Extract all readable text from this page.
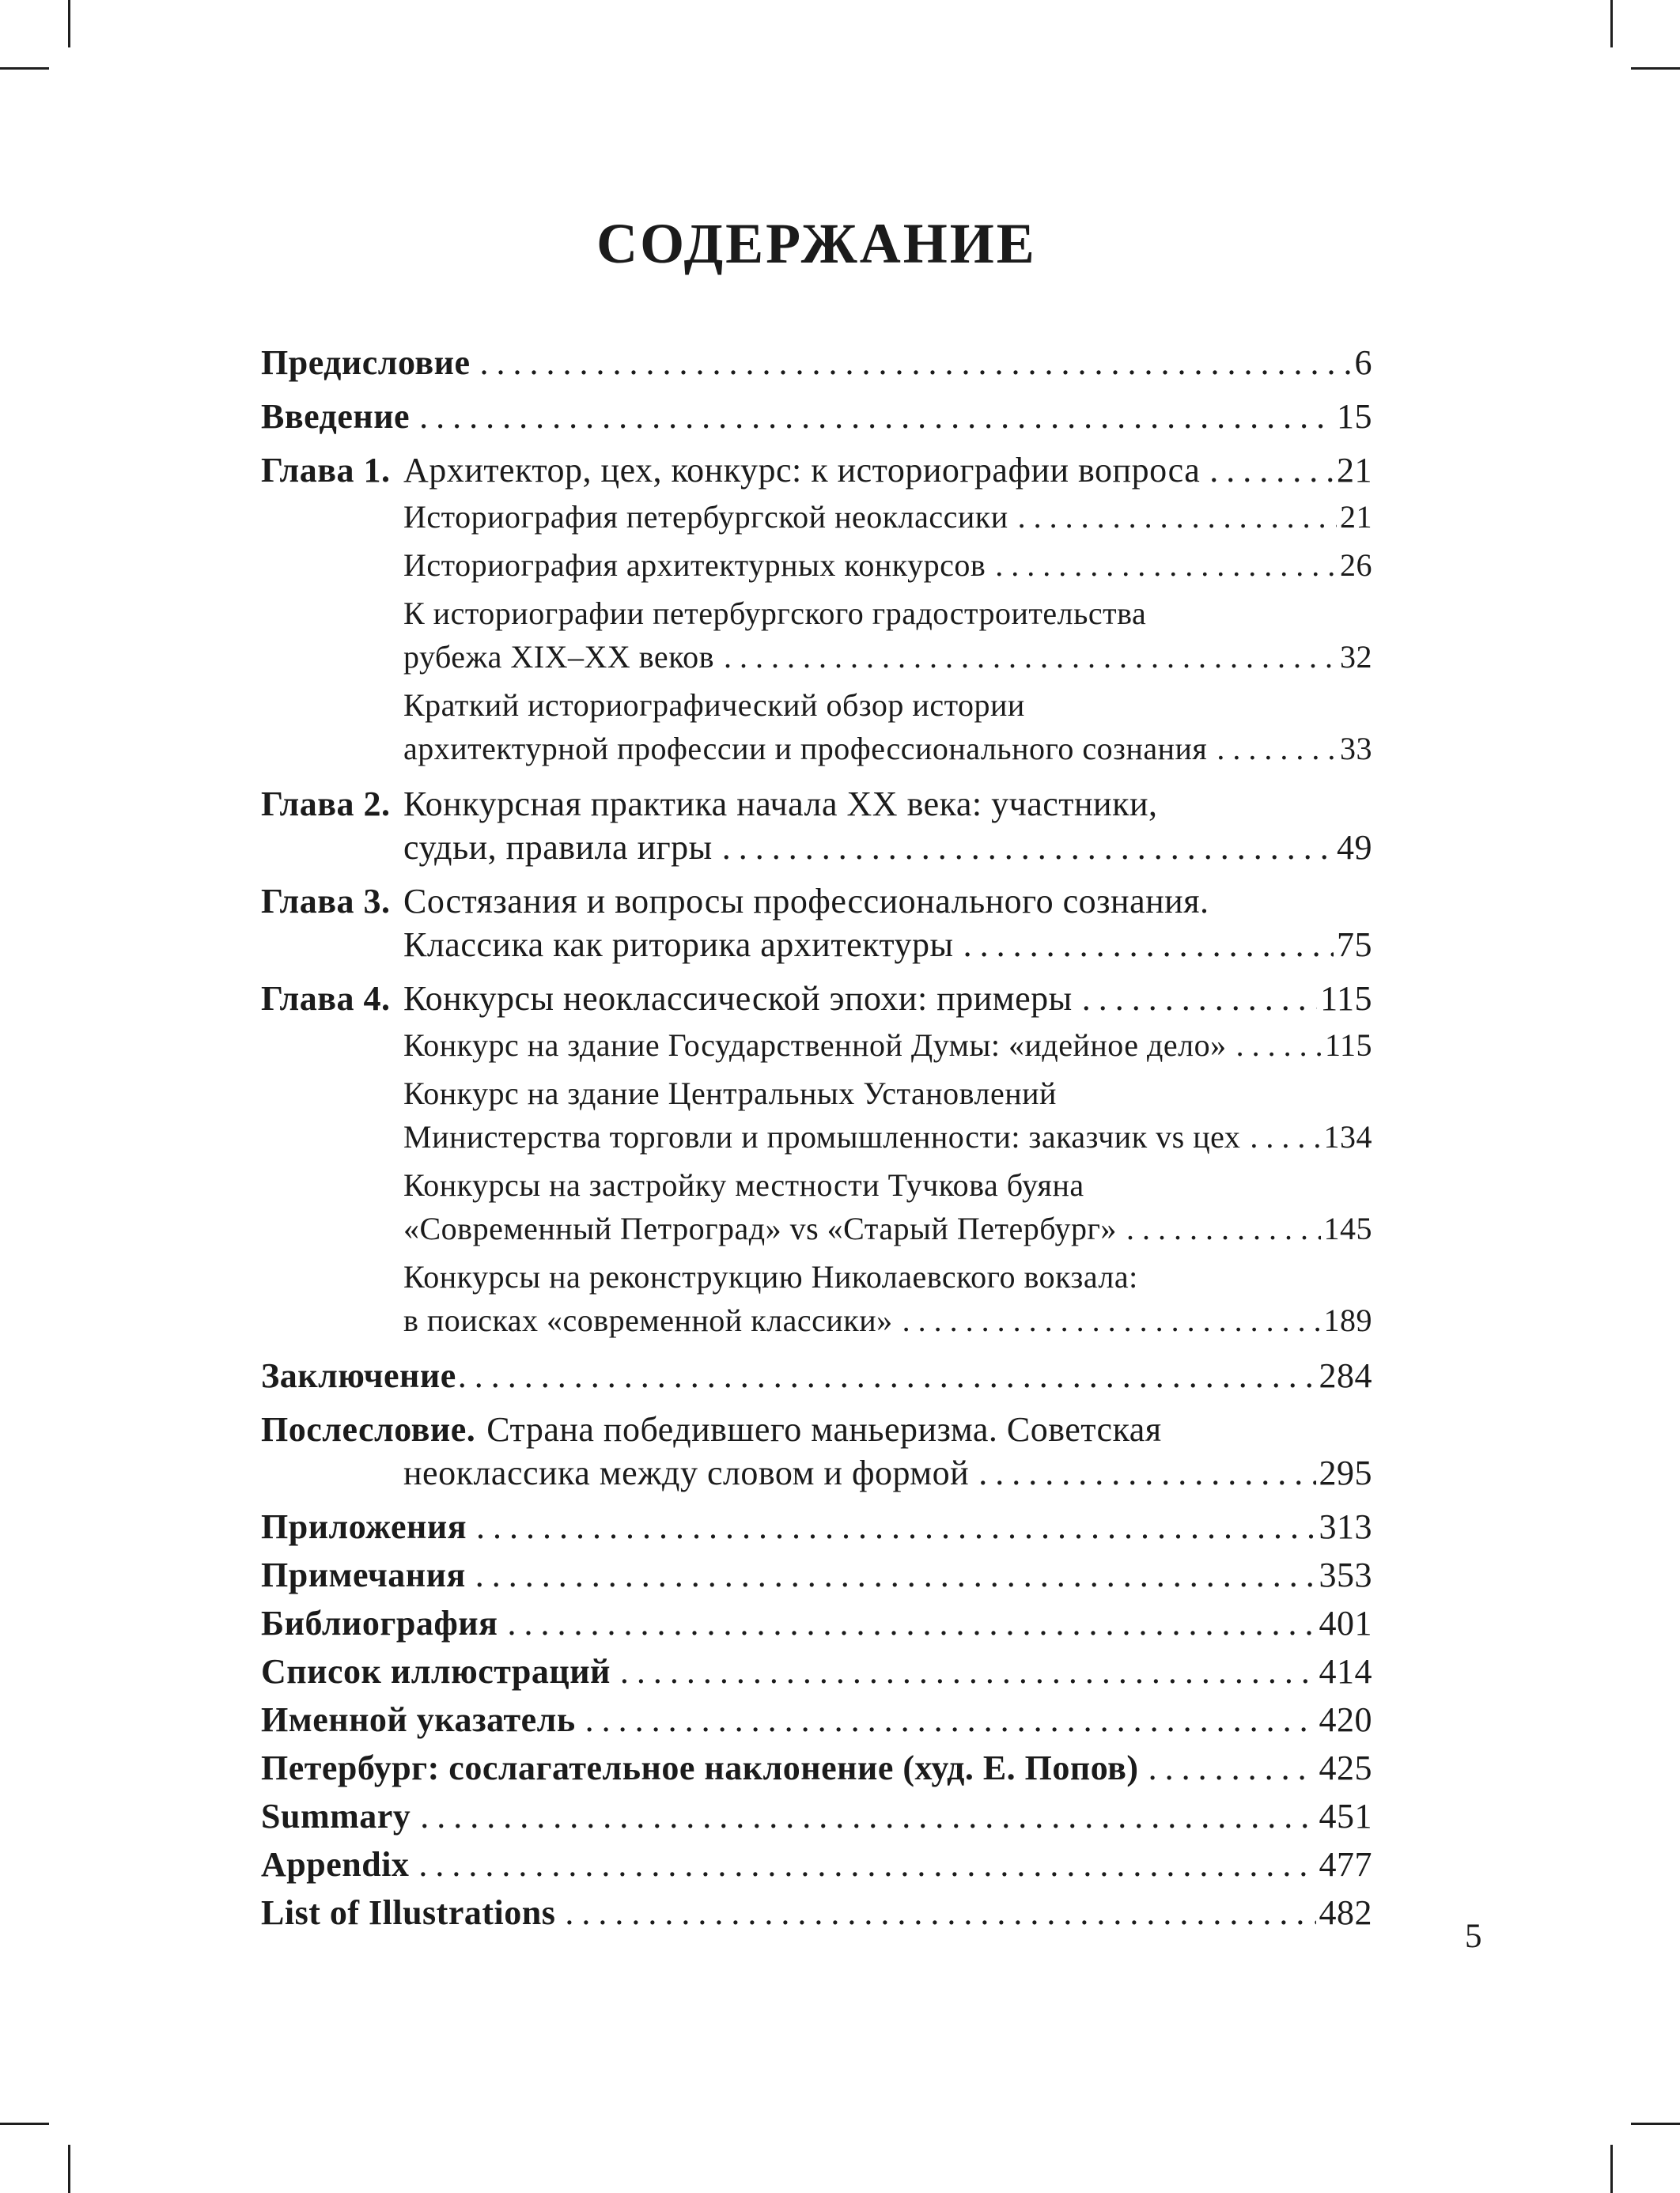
СОДЕРЖАНИЕ
Предисловие .....	6
Введение .....	15
Глава 1. Архитектор, цех, конкурс: к историографии вопроса .....	21
Историография петербургской неоклассики .....	21
Историография архитектурных конкурсов .....	26
К историографии петербургского градостроительства
рубежа XIX–XX веков .....	32
Краткий историографический обзор истории
архитектурной профессии и профессионального сознания .....	33
Глава 2. Конкурсная практика начала XX века: участники,
судьи, правила игры .....	49
Глава 3. Состязания и вопросы профессионального сознания.
Классика как риторика архитектуры .....	75
Глава 4. Конкурсы неоклассической эпохи: примеры .....	115
Конкурс на здание Государственной Думы: «идейное дело» .....	115
Конкурс на здание Центральных Установлений
Министерства торговли и промышленности: заказчик vs цех .....	134
Конкурсы на застройку местности Тучкова буяна
«Современный Петроград» vs «Старый Петербург» .....	145
Конкурсы на реконструкцию Николаевского вокзала:
в поисках «современной классики» .....	189
Заключение .....	284
Послесловие. Страна победившего маньеризма. Советская
неоклассика между словом и формой .....	295
Приложения .....	313
Примечания .....	353
Библиография .....	401
Список иллюстраций .....	414
Именной указатель .....	420
Петербург: сослагательное наклонение (худ. Е. Попов) .....	425
Summary .....	451
Appendix .....	477
List of Illustrations .....	482
5
